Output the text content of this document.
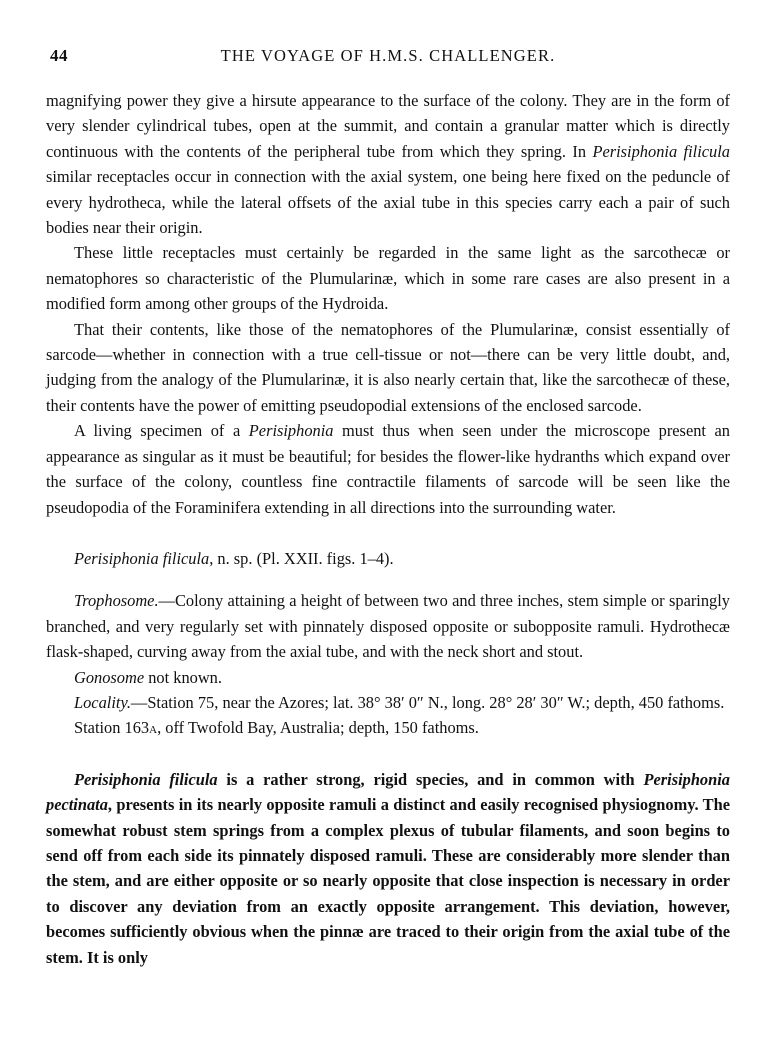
44	THE VOYAGE OF H.M.S. CHALLENGER.

magnifying power they give a hirsute appearance to the surface of the colony. They are in the form of very slender cylindrical tubes, open at the summit, and contain a granular matter which is directly continuous with the contents of the peripheral tube from which they spring. In Perisiphonia filicula similar receptacles occur in connection with the axial system, one being here fixed on the peduncle of every hydrotheca, while the lateral offsets of the axial tube in this species carry each a pair of such bodies near their origin.

These little receptacles must certainly be regarded in the same light as the sarcothecæ or nematophores so characteristic of the Plumularinæ, which in some rare cases are also present in a modified form among other groups of the Hydroida.

That their contents, like those of the nematophores of the Plumularinæ, consist essentially of sarcode—whether in connection with a true cell-tissue or not—there can be very little doubt, and, judging from the analogy of the Plumularinæ, it is also nearly certain that, like the sarcothecæ of these, their contents have the power of emitting pseudopodial extensions of the enclosed sarcode.

A living specimen of a Perisiphonia must thus when seen under the microscope present an appearance as singular as it must be beautiful; for besides the flower-like hydranths which expand over the surface of the colony, countless fine contractile filaments of sarcode will be seen like the pseudopodia of the Foraminifera extending in all directions into the surrounding water.

Perisiphonia filicula, n. sp. (Pl. XXII. figs. 1–4).

Trophosome.—Colony attaining a height of between two and three inches, stem simple or sparingly branched, and very regularly set with pinnately disposed opposite or subopposite ramuli. Hydrothecæ flask-shaped, curving away from the axial tube, and with the neck short and stout.

Gonosome not known.

Locality.—Station 75, near the Azores; lat. 38° 38′ 0″ N., long. 28° 28′ 30″ W.; depth, 450 fathoms.

Station 163a, off Twofold Bay, Australia; depth, 150 fathoms.

Perisiphonia filicula is a rather strong, rigid species, and in common with Perisiphonia pectinata, presents in its nearly opposite ramuli a distinct and easily recognised physiognomy. The somewhat robust stem springs from a complex plexus of tubular filaments, and soon begins to send off from each side its pinnately disposed ramuli. These are considerably more slender than the stem, and are either opposite or so nearly opposite that close inspection is necessary in order to discover any deviation from an exactly opposite arrangement. This deviation, however, becomes sufficiently obvious when the pinnæ are traced to their origin from the axial tube of the stem. It is only
